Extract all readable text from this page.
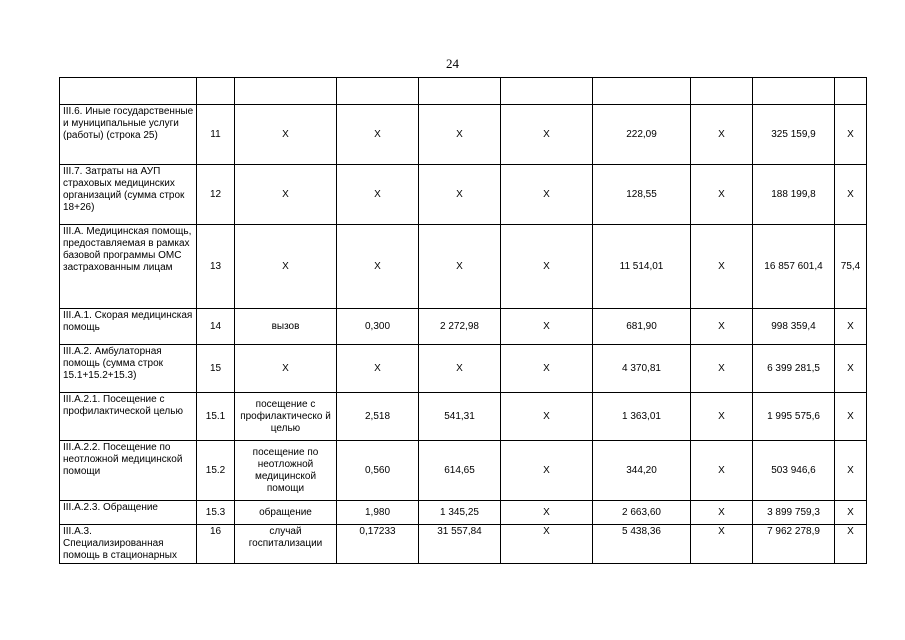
24

III.6. Иные государственные и муниципальные услуги (работы) (строка 25)	11	X	X	X	X	222,09	X	325 159,9	X
III.7. Затраты на АУП страховых медицинских организаций (сумма строк 18+26)	12	X	X	X	X	128,55	X	188 199,8	X
III.А. Медицинская помощь, предоставляемая в рамках базовой программы ОМС застрахованным лицам	13	X	X	X	X	11 514,01	X	16 857 601,4	75,4
III.А.1. Скорая медицинская помощь	14	вызов	0,300	2 272,98	X	681,90	X	998 359,4	X
III.А.2. Амбулаторная помощь (сумма строк 15.1+15.2+15.3)	15	X	X	X	X	4 370,81	X	6 399 281,5	X
III.А.2.1. Посещение с профилактической целью	15.1	посещение с профилактическо й целью	2,518	541,31	X	1 363,01	X	1 995 575,6	X
III.А.2.2. Посещение по неотложной медицинской помощи	15.2	посещение по неотложной медицинской помощи	0,560	614,65	X	344,20	X	503 946,6	X
III.А.2.3. Обращение	15.3	обращение	1,980	1 345,25	X	2 663,60	X	3 899 759,3	X
III.А.3. Специализированная помощь в стационарных	16	случай госпитализации	0,17233	31 557,84	X	5 438,36	X	7 962 278,9	X
